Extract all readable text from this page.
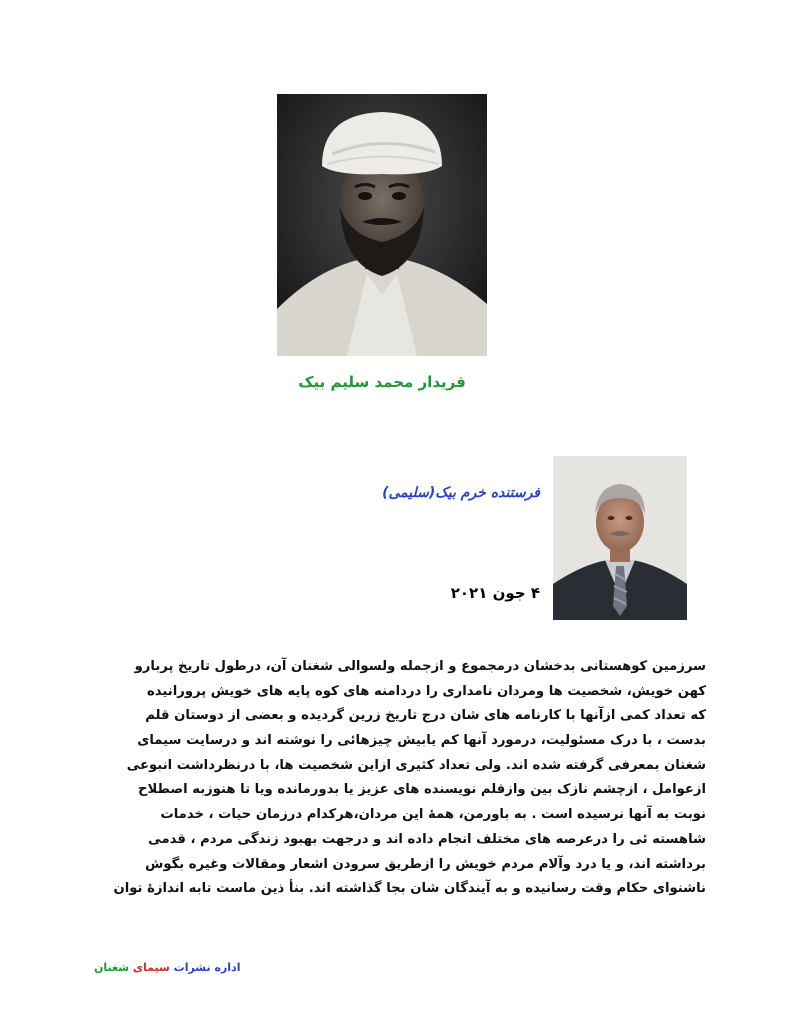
قریدار محمد سلیم بیک
فرستنده خرم بیک(سلیمی)
۴ جون ۲۰۲۱
سرزمین کوهستانی بدخشان درمجموع و ازجمله ولسوالی شغنان آن، درطول تاریخ پربارو
کهن خویش، شخصیت ها ومردان نامداری را دردامنه های کوه پایه های خویش پرورانیده
که تعداد کمی ازآنها با کارنامه های شان درج تاریخ زرین گردیده و بعضی از دوستان قلم
بدست ، با درک مسئولیت، درمورد آنها کم یابیش چیزهائی را نوشته اند و درسایت سیمای
شغنان بمعرفی گرفته شده اند. ولی تعداد کثیری ازاین شخصیت ها، با درنظرداشت انبوعی
ازعوامل ، ازچشم نازک بین وازقلم نویسنده های عزیز یا بدورمانده ویا تا هنوزبه اصطلاح
نوبت به آنها نرسیده است . به باورمن، همهٔ این مردان،هرکدام درزمان حیات ، خدمات
شاهسته ئی را درعرصه های مختلف انجام داده اند و درجهت بهبود زندگی مردم ، قدمی
برداشته اند، و یا درد وآلام مردم خویش را ازطریق سرودن اشعار ومقالات وغیره بگوش
ناشنوای حکام وقت رسانیده و به آیندگان شان بجا گذاشته اند. بنأ ذین ماست تابه اندازهٔ توان
اداره نشرات سیمای شغنان
